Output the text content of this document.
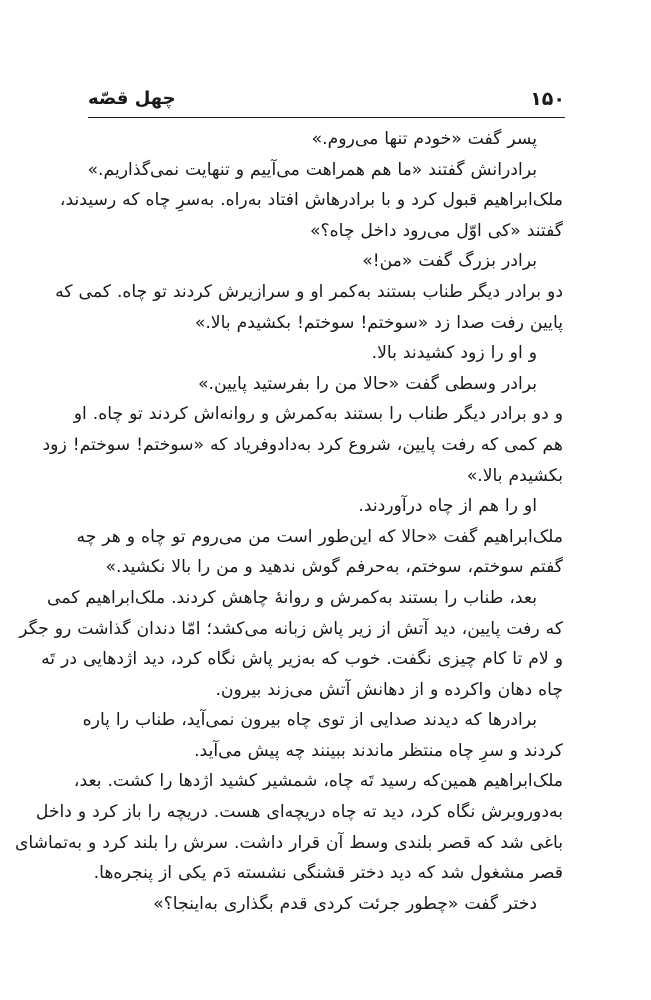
۱۵۰
چهل قصّه
پسر گفت «خودم تنها می‌روم.»
برادرانش گفتند «ما هم همراهت می‌آییم و تنهایت نمی‌گذاریم.»
ملک‌ابراهیم قبول کرد و با برادرهاش افتاد به‌راه. به‌سرِ چاه که رسیدند،
گفتند «کی اوّل می‌رود داخل چاه؟»
برادر بزرگ گفت «من!»
دو برادر دیگر طناب بستند به‌کمر او و سرازیرش کردند تو چاه. کمی که
پایین رفت صدا زد «سوختم! سوختم! بکشیدم بالا.»
و او را زود کشیدند بالا.
برادر وسطی گفت «حالا من را بفرستید پایین.»
و دو برادر دیگر طناب را بستند به‌کمرش و روانه‌اش کردند تو چاه. او
هم کمی که رفت پایین، شروع کرد به‌دادوفریاد که «سوختم! سوختم! زود
بکشیدم بالا.»
او را هم از چاه درآوردند.
ملک‌ابراهیم گفت «حالا که این‌طور است من می‌روم تو چاه و هر چه
گفتم سوختم، سوختم، به‌حرفم گوش ندهید و من را بالا نکشید.»
بعد، طناب را بستند به‌کمرش و روانهٔ چاهش کردند. ملک‌ابراهیم کمی
که رفت پایین، دید آتش از زیر پاش زبانه می‌کشد؛ امّا دندان گذاشت رو جگر
و لام تا کام چیزی نگفت. خوب که به‌زیر پاش نگاه کرد، دید اژدهایی در تَه
چاه دهان واکرده و از دهانش آتش می‌زند بیرون.
برادرها که دیدند صدایی از توی چاه بیرون نمی‌آید، طناب را پاره
کردند و سرِ چاه منتظر ماندند ببینند چه پیش می‌آید.
ملک‌ابراهیم همین‌که رسید تَه چاه، شمشیر کشید اژدها را کشت. بعد،
به‌دوروبرش نگاه کرد، دید ته چاه دریچه‌ای هست. دریچه را باز کرد و داخل
باغی شد که قصر بلندی وسط آن قرار داشت. سرش را بلند کرد و به‌تماشای
قصر مشغول شد که دید دختر قشنگی نشسته دَم یکی از پنجره‌ها.
دختر گفت «چطور جرئت کردی قدم بگذاری به‌اینجا؟»
